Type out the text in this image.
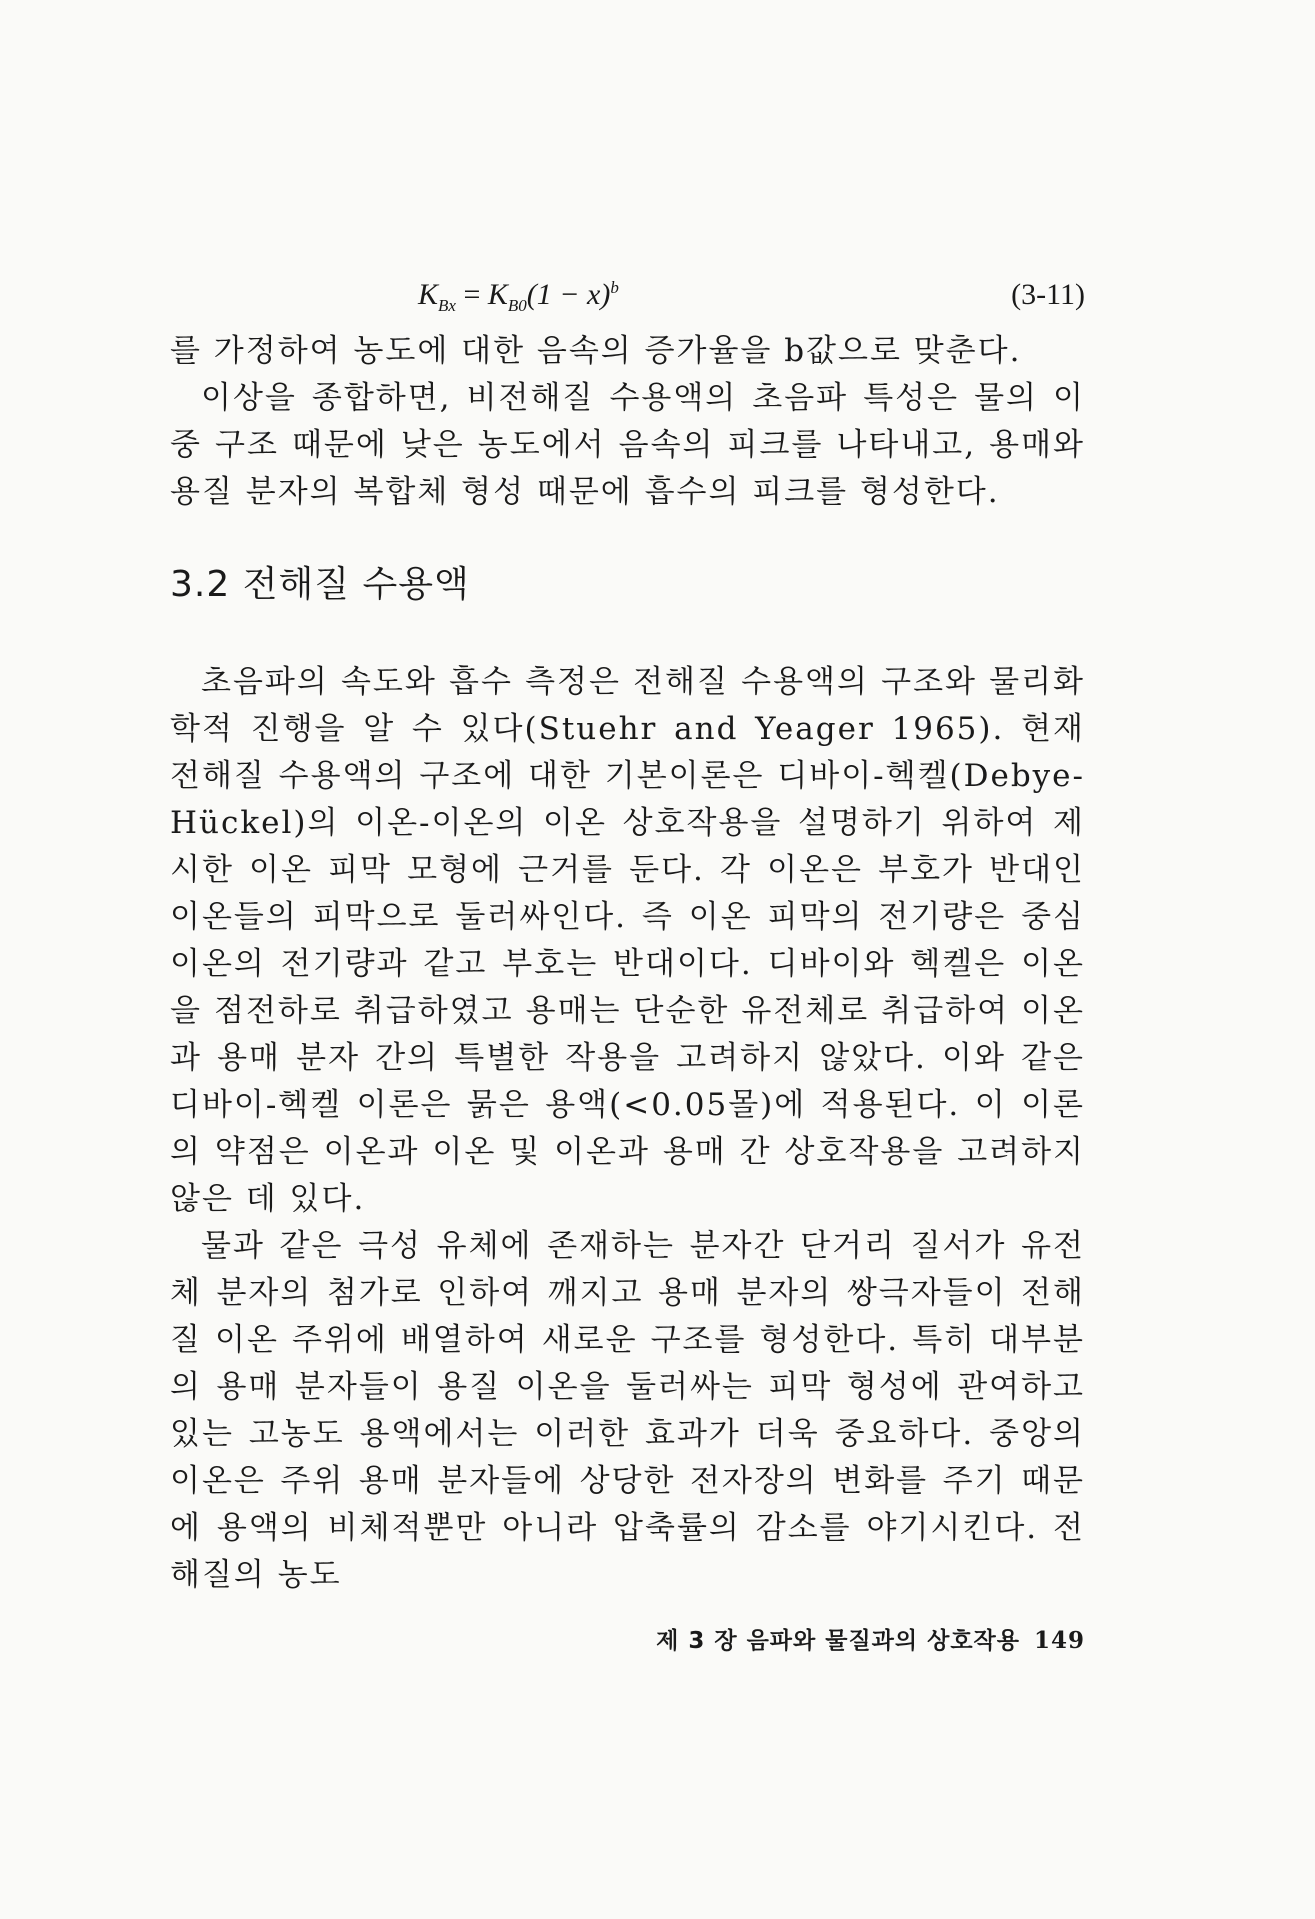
$K_{Bx} = K_{B0}(1 - x)^b$	(3-11)

를 가정하여 농도에 대한 음속의 증가율을 b값으로 맞춘다.

이상을 종합하면, 비전해질 수용액의 초음파 특성은 물의 이중 구조 때문에 낮은 농도에서 음속의 피크를 나타내고, 용매와 용질 분자의 복합체 형성 때문에 흡수의 피크를 형성한다.

3.2 전해질 수용액

초음파의 속도와 흡수 측정은 전해질 수용액의 구조와 물리화학적 진행을 알 수 있다(Stuehr and Yeager 1965). 현재 전해질 수용액의 구조에 대한 기본이론은 디바이-헥켈(Debye-Hückel)의 이온-이온의 이온 상호작용을 설명하기 위하여 제시한 이온 피막 모형에 근거를 둔다. 각 이온은 부호가 반대인 이온들의 피막으로 둘러싸인다. 즉 이온 피막의 전기량은 중심 이온의 전기량과 같고 부호는 반대이다. 디바이와 헥켈은 이온을 점전하로 취급하였고 용매는 단순한 유전체로 취급하여 이온과 용매 분자 간의 특별한 작용을 고려하지 않았다. 이와 같은 디바이-헥켈 이론은 묽은 용액(<0.05몰)에 적용된다. 이 이론의 약점은 이온과 이온 및 이온과 용매 간 상호작용을 고려하지 않은 데 있다.

물과 같은 극성 유체에 존재하는 분자간 단거리 질서가 유전체 분자의 첨가로 인하여 깨지고 용매 분자의 쌍극자들이 전해질 이온 주위에 배열하여 새로운 구조를 형성한다. 특히 대부분의 용매 분자들이 용질 이온을 둘러싸는 피막 형성에 관여하고 있는 고농도 용액에서는 이러한 효과가 더욱 중요하다. 중앙의 이온은 주위 용매 분자들에 상당한 전자장의 변화를 주기 때문에 용액의 비체적뿐만 아니라 압축률의 감소를 야기시킨다. 전해질의 농도

제 3 장 음파와 물질과의 상호작용 149
